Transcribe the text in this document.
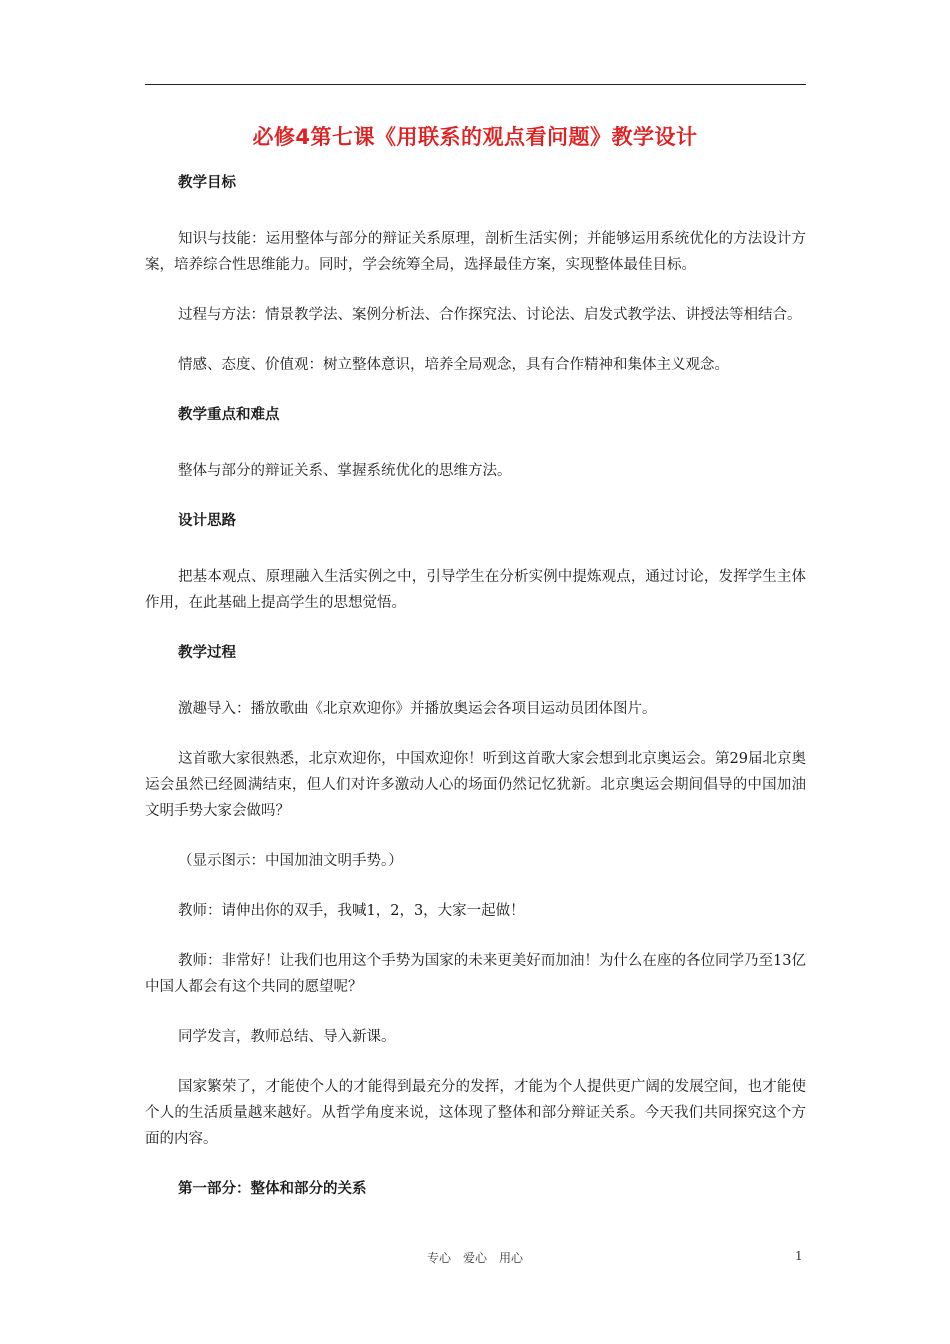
必修4第七课《用联系的观点看问题》教学设计
教学目标
知识与技能：运用整体与部分的辩证关系原理，剖析生活实例；并能够运用系统优化的方法设计方案，培养综合性思维能力。同时，学会统筹全局，选择最佳方案，实现整体最佳目标。
过程与方法：情景教学法、案例分析法、合作探究法、讨论法、启发式教学法、讲授法等相结合。
情感、态度、价值观：树立整体意识，培养全局观念，具有合作精神和集体主义观念。
教学重点和难点
整体与部分的辩证关系、掌握系统优化的思维方法。
设计思路
把基本观点、原理融入生活实例之中，引导学生在分析实例中提炼观点，通过讨论，发挥学生主体作用，在此基础上提高学生的思想觉悟。
教学过程
激趣导入：播放歌曲《北京欢迎你》并播放奥运会各项目运动员团体图片。
这首歌大家很熟悉，北京欢迎你，中国欢迎你！听到这首歌大家会想到北京奥运会。第29届北京奥运会虽然已经圆满结束，但人们对许多激动人心的场面仍然记忆犹新。北京奥运会期间倡导的中国加油文明手势大家会做吗？
（显示图示：中国加油文明手势。）
教师：请伸出你的双手，我喊1，2，3，大家一起做！
教师：非常好！让我们也用这个手势为国家的未来更美好而加油！为什么在座的各位同学乃至13亿中国人都会有这个共同的愿望呢？
同学发言，教师总结、导入新课。
国家繁荣了，才能使个人的才能得到最充分的发挥，才能为个人提供更广阔的发展空间，也才能使个人的生活质量越来越好。从哲学角度来说，这体现了整体和部分辩证关系。今天我们共同探究这个方面的内容。
第一部分：整体和部分的关系
专心　爱心　用心	1
